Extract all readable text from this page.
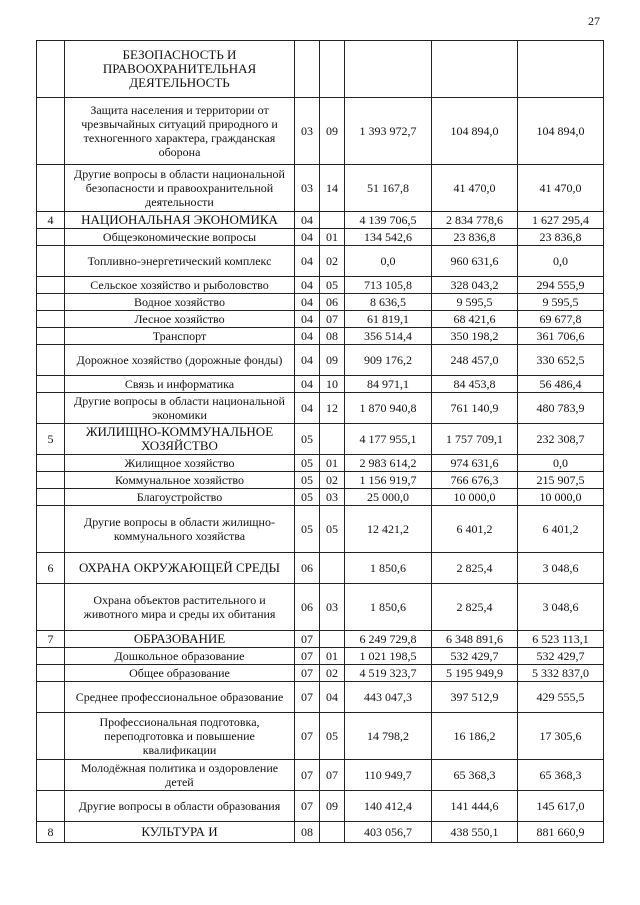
27
	БЕЗОПАСНОСТЬ И ПРАВООХРАНИТЕЛЬНАЯ ДЕЯТЕЛЬНОСТЬ					
	Защита населения и территории от чрезвычайных ситуаций природного и техногенного характера, гражданская оборона	03	09	1 393 972,7	104 894,0	104 894,0
	Другие вопросы в области национальной безопасности и правоохранительной деятельности	03	14	51 167,8	41 470,0	41 470,0
4	НАЦИОНАЛЬНАЯ ЭКОНОМИКА	04		4 139 706,5	2 834 778,6	1 627 295,4
	Общеэкономические вопросы	04	01	134 542,6	23 836,8	23 836,8
	Топливно-энергетический комплекс	04	02	0,0	960 631,6	0,0
	Сельское хозяйство и рыболовство	04	05	713 105,8	328 043,2	294 555,9
	Водное хозяйство	04	06	8 636,5	9 595,5	9 595,5
	Лесное хозяйство	04	07	61 819,1	68 421,6	69 677,8
	Транспорт	04	08	356 514,4	350 198,2	361 706,6
	Дорожное хозяйство (дорожные фонды)	04	09	909 176,2	248 457,0	330 652,5
	Связь и информатика	04	10	84 971,1	84 453,8	56 486,4
	Другие вопросы в области национальной экономики	04	12	1 870 940,8	761 140,9	480 783,9
5	ЖИЛИЩНО-КОММУНАЛЬНОЕ ХОЗЯЙСТВО	05		4 177 955,1	1 757 709,1	232 308,7
	Жилищное хозяйство	05	01	2 983 614,2	974 631,6	0,0
	Коммунальное хозяйство	05	02	1 156 919,7	766 676,3	215 907,5
	Благоустройство	05	03	25 000,0	10 000,0	10 000,0
	Другие вопросы в области жилищно-коммунального хозяйства	05	05	12 421,2	6 401,2	6 401,2
6	ОХРАНА ОКРУЖАЮЩЕЙ СРЕДЫ	06		1 850,6	2 825,4	3 048,6
	Охрана объектов растительного и животного мира и среды их обитания	06	03	1 850,6	2 825,4	3 048,6
7	ОБРАЗОВАНИЕ	07		6 249 729,8	6 348 891,6	6 523 113,1
	Дошкольное образование	07	01	1 021 198,5	532 429,7	532 429,7
	Общее образование	07	02	4 519 323,7	5 195 949,9	5 332 837,0
	Среднее профессиональное образование	07	04	443 047,3	397 512,9	429 555,5
	Профессиональная подготовка, переподготовка и повышение квалификации	07	05	14 798,2	16 186,2	17 305,6
	Молодёжная политика и оздоровление детей	07	07	110 949,7	65 368,3	65 368,3
	Другие вопросы в области образования	07	09	140 412,4	141 444,6	145 617,0
8	КУЛЬТУРА И	08		403 056,7	438 550,1	881 660,9
